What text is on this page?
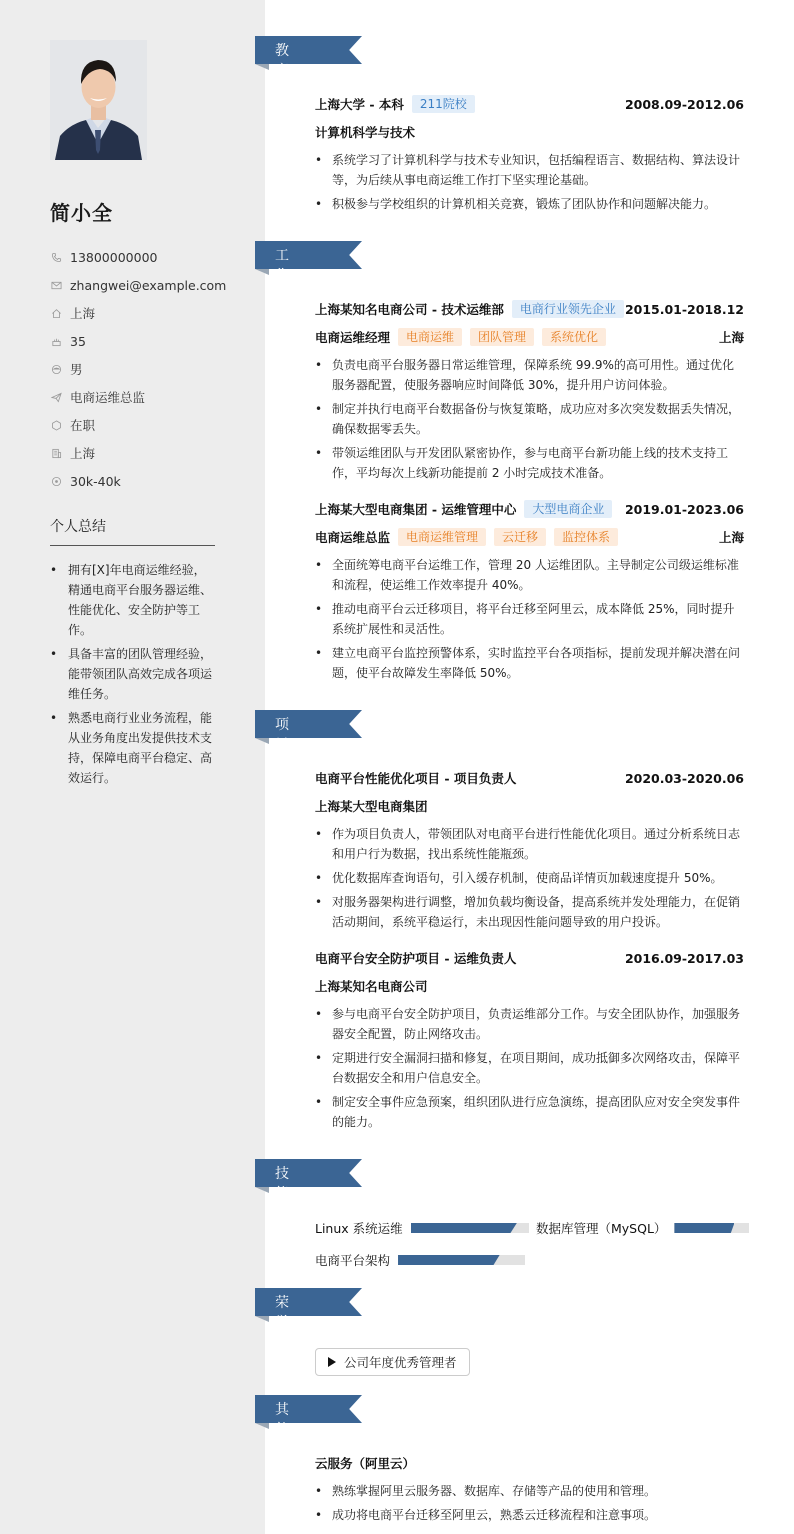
简小全
13800000000
zhangwei@example.com
上海
35
男
电商运维总监
在职
上海
30k-40k
个人总结
• 拥有[X]年电商运维经验，精通电商平台服务器运维、性能优化、安全防护等工作。
• 具备丰富的团队管理经验，能带领团队高效完成各项运维任务。
• 熟悉电商行业业务流程，能从业务角度出发提供技术支持，保障电商平台稳定、高效运行。
教育经历 上海大学 - 本科	211院校	2008.09-2012.06
计算机科学与技术
• 系统学习了计算机科学与技术专业知识，包括编程语言、数据结构、算法设计等，为后续从事电商运维工作打下坚实理论基础。
• 积极参与学校组织的计算机相关竞赛，锻炼了团队协作和问题解决能力。
工作经历 上海某知名电商公司 - 技术运维部	电商行业领先企业 2015.01-2018.12
电商运维经理	电商运维	团队管理	系统优化	上海
• 负责电商平台服务器日常运维管理，保障系统 99.9%的高可用性。通过优化服务器配置，使服务器响应时间降低 30%，提升用户访问体验。
• 制定并执行电商平台数据备份与恢复策略，成功应对多次突发数据丢失情况，确保数据零丢失。
• 带领运维团队与开发团队紧密协作，参与电商平台新功能上线的技术支持工作，平均每次上线新功能提前 2 小时完成技术准备。
上海某大型电商集团 - 运维管理中心	大型电商企业	2019.01-2023.06
电商运维总监	电商运维管理	云迁移	监控体系	上海
• 全面统筹电商平台运维工作，管理 20 人运维团队。主导制定公司级运维标准和流程，使运维工作效率提升 40%。
• 推动电商平台云迁移项目，将平台迁移至阿里云，成本降低 25%，同时提升系统扩展性和灵活性。
• 建立电商平台监控预警体系，实时监控平台各项指标，提前发现并解决潜在问题，使平台故障发生率降低 50%。
项目经历 电商平台性能优化项目 - 项目负责人	2020.03-2020.06
上海某大型电商集团
• 作为项目负责人，带领团队对电商平台进行性能优化项目。通过分析系统日志和用户行为数据，找出系统性能瓶颈。
• 优化数据库查询语句，引入缓存机制，使商品详情页加载速度提升 50%。
• 对服务器架构进行调整，增加负载均衡设备，提高系统并发处理能力，在促销活动期间，系统平稳运行，未出现因性能问题导致的用户投诉。
电商平台安全防护项目 - 运维负责人	2016.09-2017.03
上海某知名电商公司
• 参与电商平台安全防护项目，负责运维部分工作。与安全团队协作，加强服务器安全配置，防止网络攻击。
• 定期进行安全漏洞扫描和修复，在项目期间，成功抵御多次网络攻击，保障平台数据安全和用户信息安全。
• 制定安全事件应急预案，组织团队进行应急演练，提高团队应对安全突发事件的能力。
技能专长 Linux 系统运维	数据库管理（MySQL）
电商平台架构
荣誉奖项	公司年度优秀管理者
其他信息 云服务（阿里云）
• 熟练掌握阿里云服务器、数据库、存储等产品的使用和管理。
• 成功将电商平台迁移至阿里云，熟悉云迁移流程和注意事项。
